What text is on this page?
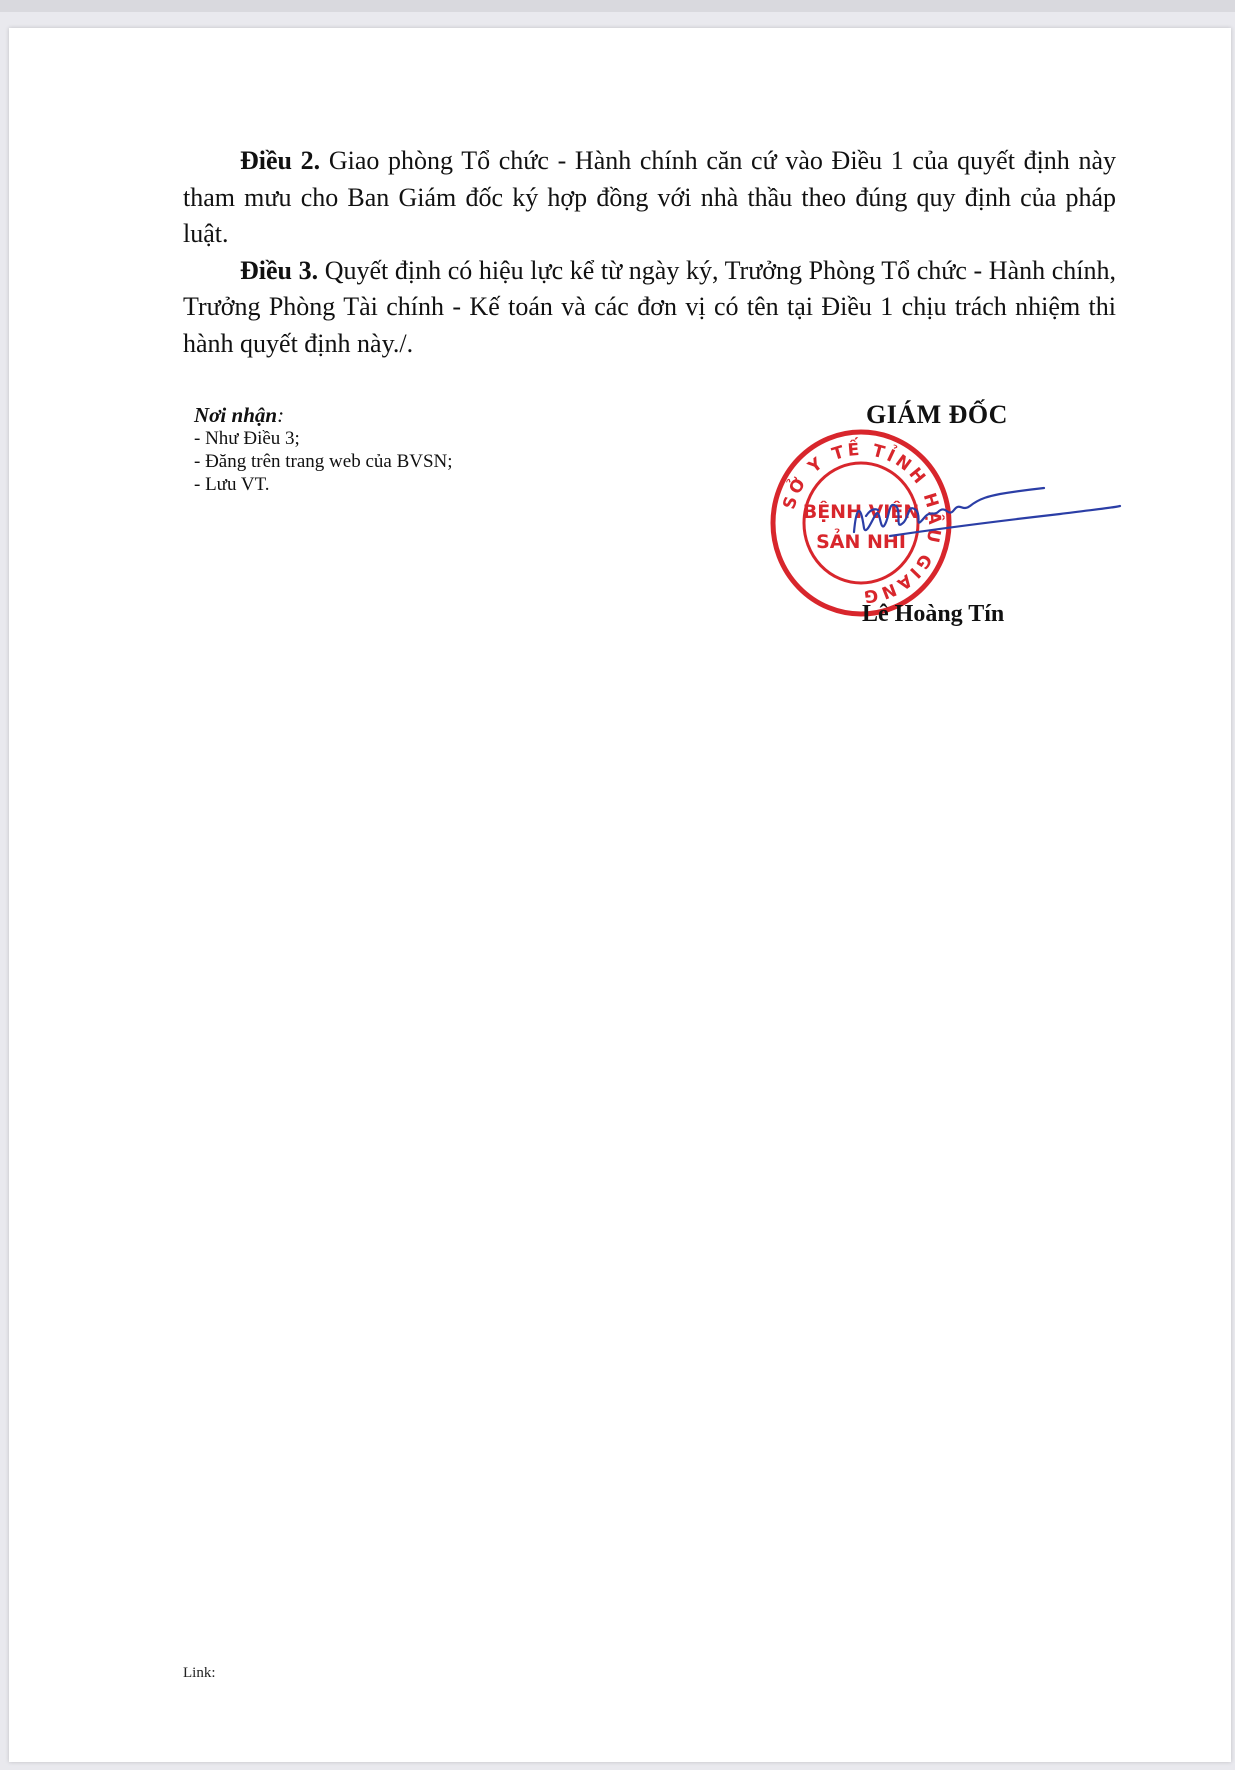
Điều 2. Giao phòng Tổ chức - Hành chính căn cứ vào Điều 1 của quyết định này tham mưu cho Ban Giám đốc ký hợp đồng với nhà thầu theo đúng quy định của pháp luật.

Điều 3. Quyết định có hiệu lực kể từ ngày ký, Trưởng Phòng Tổ chức - Hành chính, Trưởng Phòng Tài chính - Kế toán và các đơn vị có tên tại Điều 1 chịu trách nhiệm thi hành quyết định này./.

Nơi nhận:

- Như Điều 3;

- Đăng trên trang web của BVSN;

- Lưu VT.

GIÁM ĐỐC
SỞ Y TẾ TỈNH HẬU GIANG
BỆNH VIỆN
SẢN NHI
Lê Hoàng Tín
Link:
